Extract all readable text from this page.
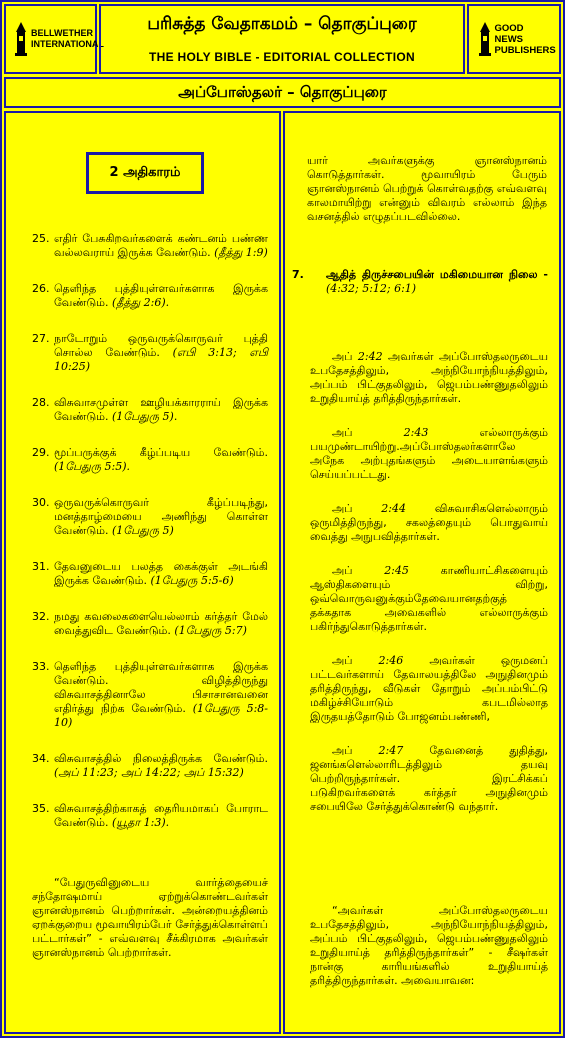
BELLWETHER INTERNATIONAL
பரிசுத்த வேதாகமம் – தொகுப்புரை
THE HOLY BIBLE - EDITORIAL COLLECTION
GOOD NEWS PUBLISHERS
அப்போஸ்தலர் – தொகுப்புரை
2 அதிகாரம்
25. எதிர் பேசுகிறவர்களைக் கண்டனம் பண்ண வல்லவராய் இருக்க வேண்டும். (தீத்து 1:9)
26. தெளிந்த புத்தியுள்ளவர்களாக இருக்க வேண்டும். (தீத்து 2:6).
27. நாடோறும் ஒருவருக்கொருவர் புத்தி சொல்ல வேண்டும். (எபி 3:13; எபி 10:25)
28. விசுவாசமுள்ள ஊழியக்காரராய் இருக்க வேண்டும். (1பேதுரு 5).
29. மூப்பருக்குக் கீழ்ப்படிய வேண்டும். (1பேதுரு 5:5).
30. ஒருவருக்கொருவர் கீழ்ப்படிந்து, மனத்தாழ்மையை அணிந்து கொள்ள வேண்டும். (1பேதுரு 5)
31. தேவனுடைய பலத்த கைக்குள் அடங்கி இருக்க வேண்டும். (1பேதுரு 5:5-6)
32. நமது கவலைகளையெல்லாம் கர்த்தர் மேல் வைத்துவிட வேண்டும். (1பேதுரு 5:7)
33. தெளிந்த புத்தியுள்ளவர்களாக இருக்க வேண்டும். விழித்திருந்து விசுவாசத்தினாலே பிசாசானவனை எதிர்த்து நிற்க வேண்டும். (1பேதுரு 5:8-10)
34. விசுவாசத்தில் நிலைத்திருக்க வேண்டும். (அப் 11:23; அப் 14:22; அப் 15:32)
35. விசுவாசத்திற்காகத் தைரியமாகப் போராட வேண்டும். (யூதா 1:3).
“பேதுருவினுடைய வார்த்தையைச் சந்தோஷமாய் ஏற்றுக்கொண்டவர்கள் ஞானஸ்நானம் பெற்றார்கள். அன்றையத்தினம் ஏறக்குறைய மூவாயிரம்பேர் சேர்த்துக்கொள்ளப் பட்டார்கள்” - எவ்வளவு சீக்கிரமாக அவர்கள் ஞானஸ்நானம் பெற்றார்கள்.
யார் அவர்களுக்கு ஞானஸ்நானம் கொடுத்தார்கள். மூவாயிரம் பேரும் ஞானஸ்நானம் பெற்றுக் கொள்வதற்கு எவ்வளவு காலமாயிற்று என்னும் விவரம் எல்லாம் இந்த வசனத்தில் எழுதப்படவில்லை.
7.	ஆதித் திருச்சபையின் மகிமையான நிலை -
(4:32; 5:12; 6:1)
அப் 2:42 அவர்கள் அப்போஸ்தலருடைய உபதேசத்திலும், அந்நியோந்நியத்திலும், அப்பம் பிட்குதலிலும், ஜெபம்பண்ணுதலிலும் உறுதியாய்த் தரித்திருந்தார்கள்.
அப்	2:43	எல்லாருக்கும் பயமுண்டாயிற்று.அப்போஸ்தலர்களாலே அநேக அற்புதங்களும் அடையாளங்களும் செய்யப்பட்டது.
அப்	2:44	விசுவாசிகளெல்லாரும் ஒருமித்திருந்து, சகலத்தையும் பொதுவாய் வைத்து அநுபவித்தார்கள்.
அப்	2:45	காணியாட்சிகளையும் ஆஸ்திகளையும் விற்று, ஒவ்வொருவனுக்கும்தேவையானதற்குத் தக்கதாக அவைகளில் எல்லாருக்கும் பகிர்ந்துகொடுத்தார்கள்.
அப் 2:46 அவர்கள் ஒருமனப் பட்டவர்களாய் தேவாலயத்திலே அநுதினமும் தரித்திருந்து, வீடுகள் தோறும் அப்பம்பிட்டு மகிழ்ச்சியோடும் கபடமில்லாத இருதயத்தோடும் போஜனம்பண்ணி,
அப் 2:47 தேவனைத் துதித்து, ஜனங்களெல்லாரிடத்திலும் தயவு பெற்றிருந்தார்கள். இரட்சிக்கப் படுகிறவர்களைக் கர்த்தர் அநுதினமும் சபையிலே சேர்த்துக்கொண்டு வந்தார்.
“அவர்கள் அப்போஸ்தலருடைய உபதேசத்திலும், அந்நியோந்நியத்திலும், அப்பம் பிட்குதலிலும், ஜெபம்பண்ணுதலிலும் உறுதியாய்த் தரித்திருந்தார்கள்” - சீஷர்கள் நான்கு காரியங்களில் உறுதியாய்த் தரித்திருந்தார்கள். அவையாவன:
